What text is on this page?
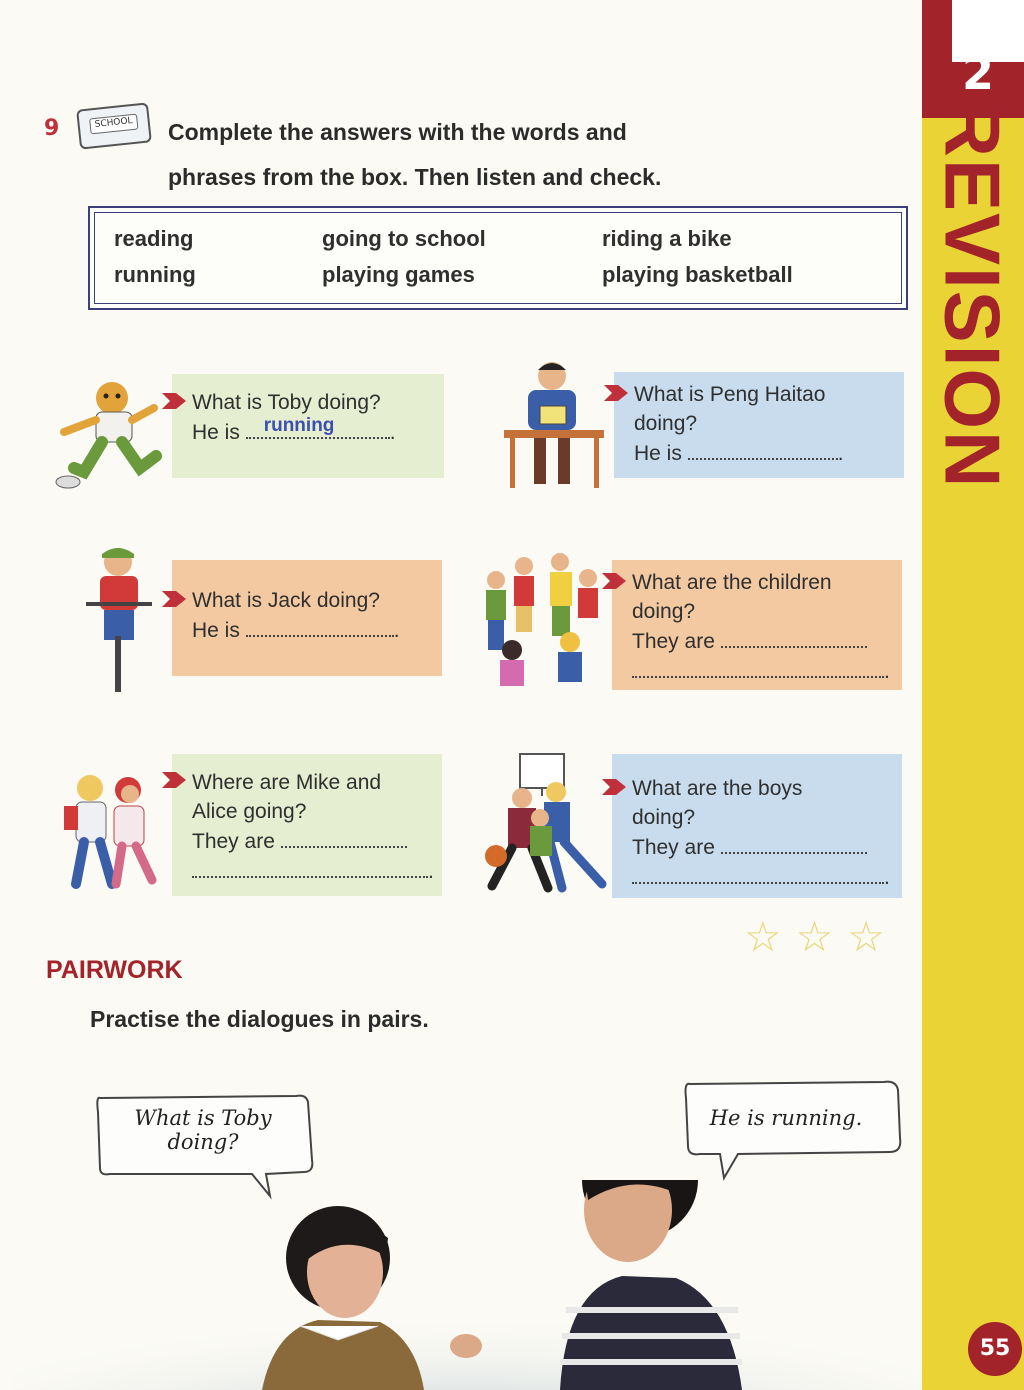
2
REVISION
55
9	SCHOOL Complete the answers with the words and
phrases from the box. Then listen and check.
reading	going to school	riding a bike
running	playing games	playing basketball
What is Toby doing?
He is running	.
What is Peng Haitao
doing?
He is	.
What is Jack doing?
He is	.
What are the children
doing?
They are
.
Where are Mike and
Alice going?
They are
.
What are the boys
doing?
They are
.
☆☆☆
PAIRWORK
Practise the dialogues in pairs.
What is Toby
doing?
He is running.
